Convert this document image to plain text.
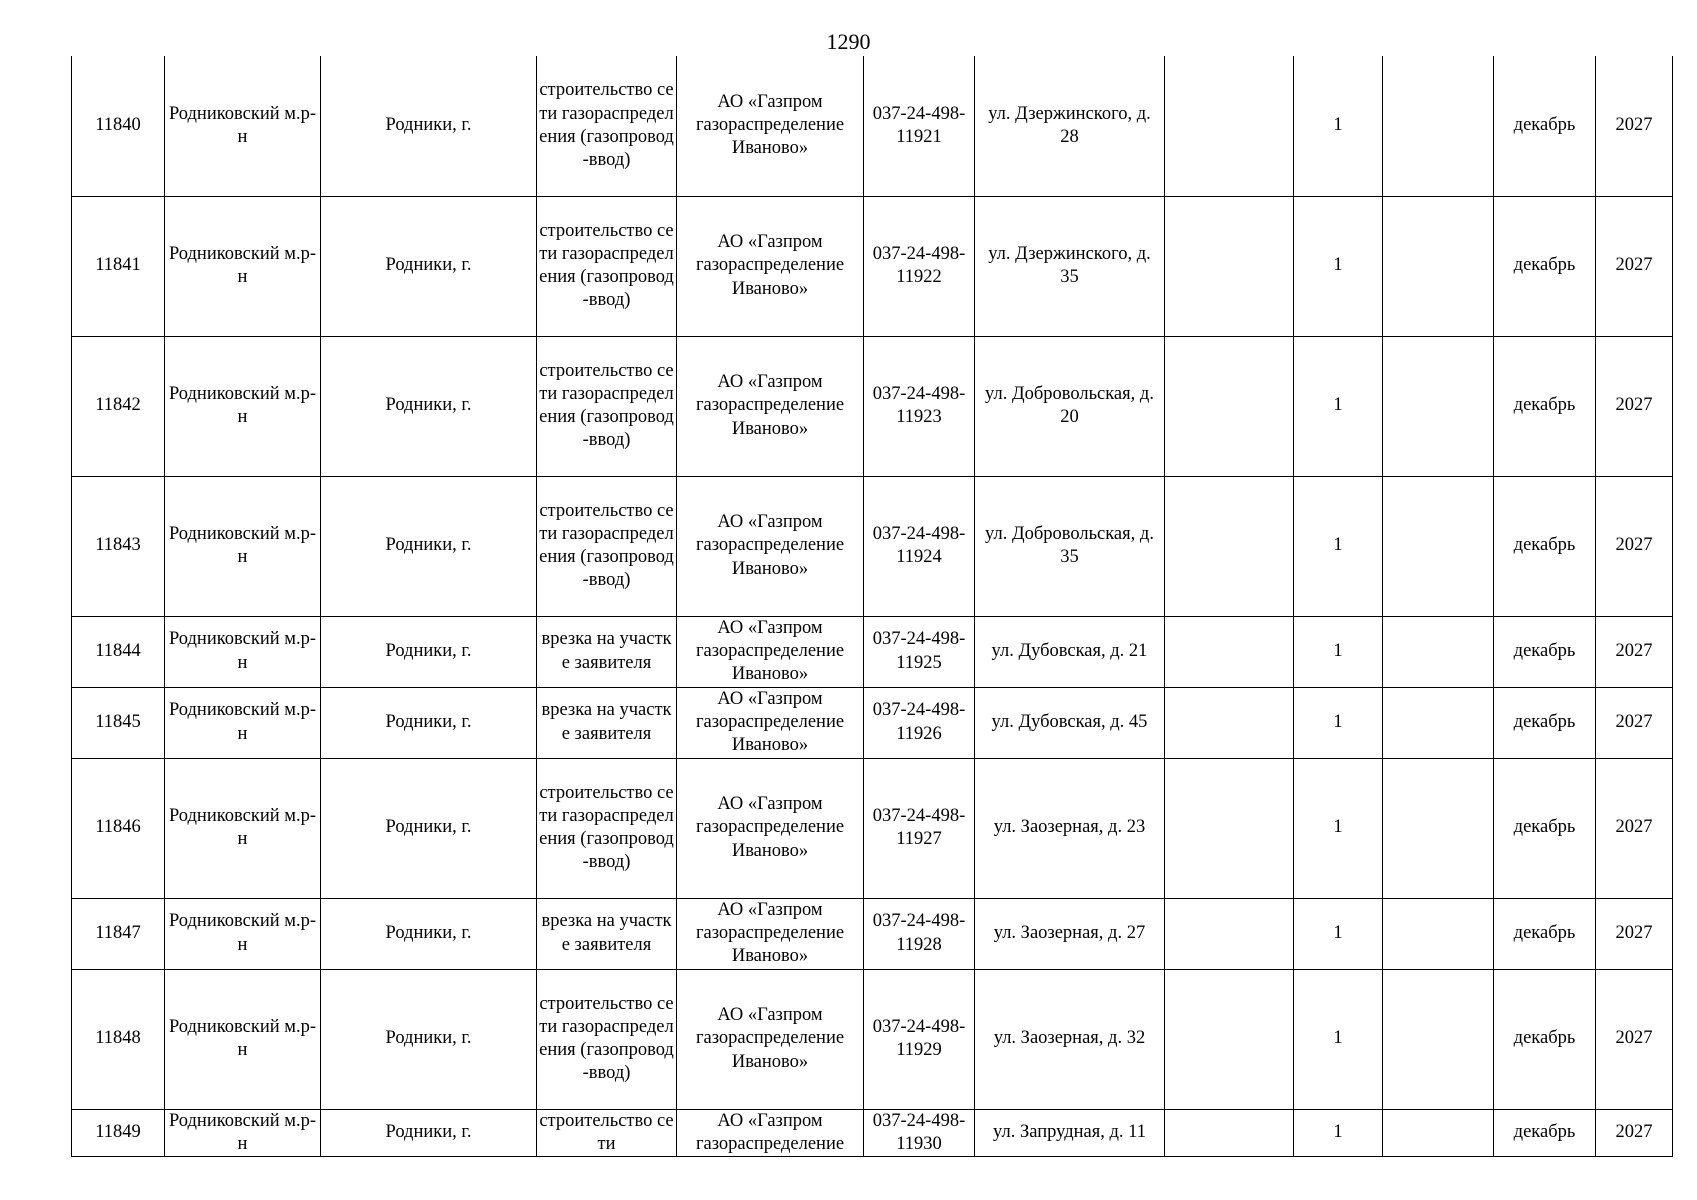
1290
11840	Родниковский м.р-н	Родники, г.	строительство сети газораспределения (газопровод-ввод)	АО «Газпром газораспределение Иваново»	037-24-498-11921	ул. Дзержинского, д. 28		1		декабрь	2027
11841	Родниковский м.р-н	Родники, г.	строительство сети газораспределения (газопровод-ввод)	АО «Газпром газораспределение Иваново»	037-24-498-11922	ул. Дзержинского, д. 35		1		декабрь	2027
11842	Родниковский м.р-н	Родники, г.	строительство сети газораспределения (газопровод-ввод)	АО «Газпром газораспределение Иваново»	037-24-498-11923	ул. Добровольская, д. 20		1		декабрь	2027
11843	Родниковский м.р-н	Родники, г.	строительство сети газораспределения (газопровод-ввод)	АО «Газпром газораспределение Иваново»	037-24-498-11924	ул. Добровольская, д. 35		1		декабрь	2027
11844	Родниковский м.р-н	Родники, г.	врезка на участке заявителя	АО «Газпром газораспределение Иваново»	037-24-498-11925	ул. Дубовская, д. 21		1		декабрь	2027
11845	Родниковский м.р-н	Родники, г.	врезка на участке заявителя	АО «Газпром газораспределение Иваново»	037-24-498-11926	ул. Дубовская, д. 45		1		декабрь	2027
11846	Родниковский м.р-н	Родники, г.	строительство сети газораспределения (газопровод-ввод)	АО «Газпром газораспределение Иваново»	037-24-498-11927	ул. Заозерная, д. 23		1		декабрь	2027
11847	Родниковский м.р-н	Родники, г.	врезка на участке заявителя	АО «Газпром газораспределение Иваново»	037-24-498-11928	ул. Заозерная, д. 27		1		декабрь	2027
11848	Родниковский м.р-н	Родники, г.	строительство сети газораспределения (газопровод-ввод)	АО «Газпром газораспределение Иваново»	037-24-498-11929	ул. Заозерная, д. 32		1		декабрь	2027
11849	Родниковский м.р-н	Родники, г.	строительство сети	АО «Газпром газораспределение	037-24-498-11930	ул. Запрудная, д. 11		1		декабрь	2027
